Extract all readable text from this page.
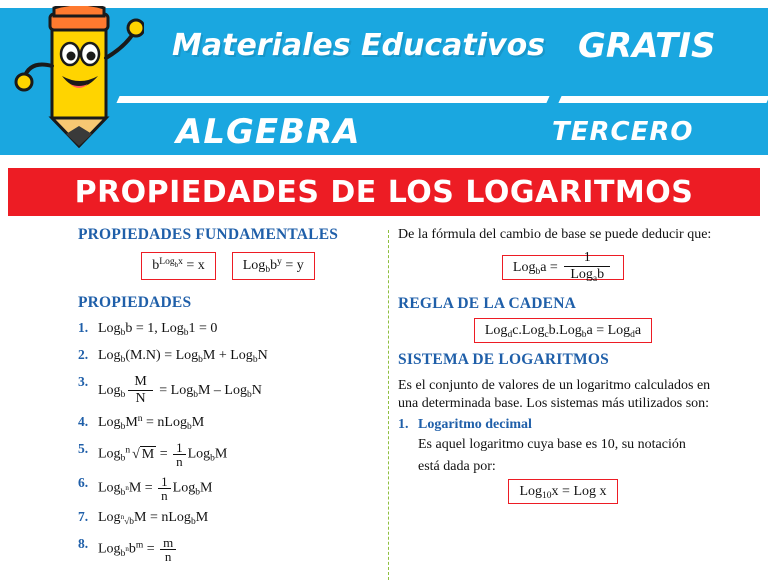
Materiales Educativos GRATIS
ALGEBRA	TERCERO
PROPIEDADES DE LOS LOGARITMOS
PROPIEDADES FUNDAMENTALES
$b^{Log_bx} = x$	$Log_bb^y = y$
PROPIEDADES
1. Log$_b$b = 1, Log$_b$1 = 0
2. Log$_b$(M.N) = Log$_b$M + Log$_b$N
3.
$Log_b \frac{M}{N} = Log_bM - Log_bN$
4. $Log_bM^n$ = nLog$_b$M
5. Log$_b^n$ √ $M = \frac{1}{n} Log_bM$
6. $Log_{b^n}M = \frac{1}{n} Log_bM$
7. Log$_{^n√b}$M = nLog$_b$M
8. $Log_{b^n}b^m = \frac{m}{n}$

De la fórmula del cambio de base se puede deducir que:

Log$_b$a =
1
Log$_a$b
REGLA DE LA CADENA
Log$_d$c.Log$_c$b.Log$_b$a = Log$_d$a
SISTEMA DE LOGARITMOS

Es el conjunto de valores de un logaritmo calculados en una determinada base. Los sistemas más utilizados son:

1. Logaritmo decimal

Es aquel logaritmo cuya base es 10, su notación

está dada por:

Log$_{10}$x = Log x
